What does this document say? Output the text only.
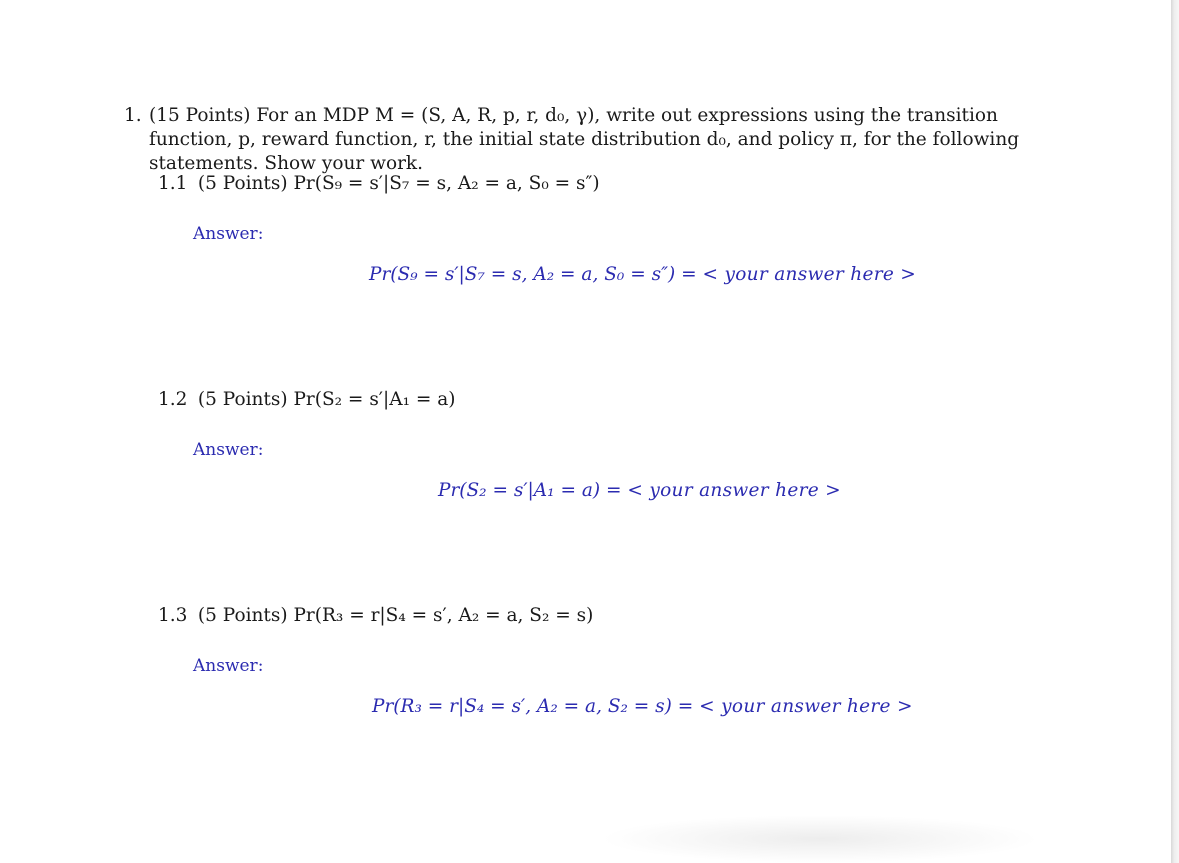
1. (15 Points) For an MDP M = (S, A, R, p, r, d₀, γ), write out expressions using the transition function, p, reward function, r, the initial state distribution d₀, and policy π, for the following statements. Show your work.
1.1 (5 Points) Pr(S₉ = s′|S₇ = s, A₂ = a, S₀ = s″)
Answer:
Pr(S₉ = s′|S₇ = s, A₂ = a, S₀ = s″) = < your answer here >
1.2 (5 Points) Pr(S₂ = s′|A₁ = a)
Answer:
Pr(S₂ = s′|A₁ = a) = < your answer here >
1.3 (5 Points) Pr(R₃ = r|S₄ = s′, A₂ = a, S₂ = s)
Answer:
Pr(R₃ = r|S₄ = s′, A₂ = a, S₂ = s) = < your answer here >
